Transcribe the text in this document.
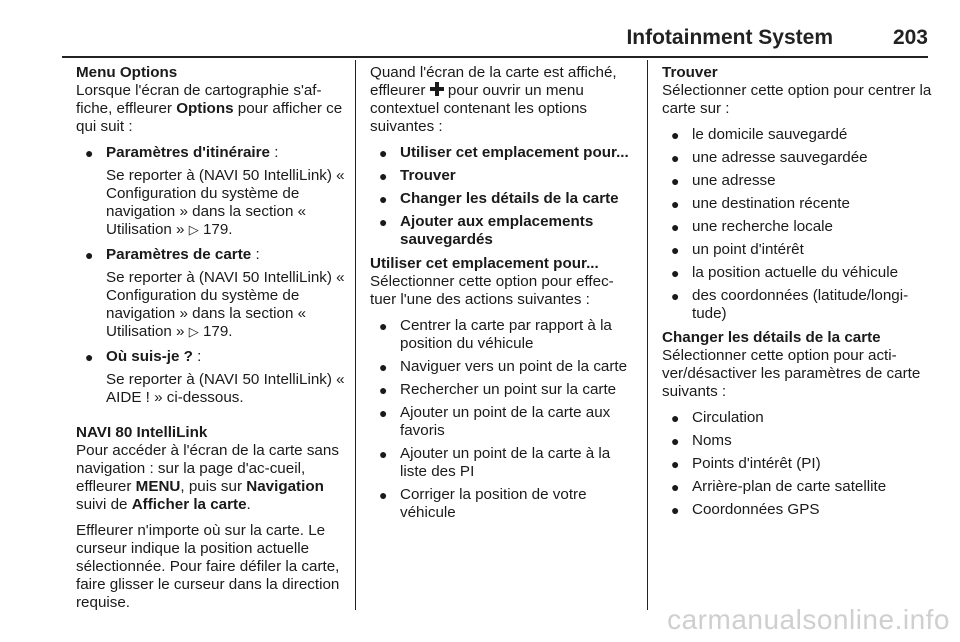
Infotainment System	203

Menu Options

Lorsque l'écran de cartographie s'af-fiche, effleurer Options pour afficher ce qui suit :

● Paramètres d'itinéraire :

Se reporter à (NAVI 50 IntelliLink) « Configuration du système de navigation » dans la section « Utilisation » ▷ 179.

● Paramètres de carte :

Se reporter à (NAVI 50 IntelliLink) « Configuration du système de navigation » dans la section « Utilisation » ▷ 179.

● Où suis-je ? :

Se reporter à (NAVI 50 IntelliLink) « AIDE ! » ci-dessous.

NAVI 80 IntelliLink

Pour accéder à l'écran de la carte sans navigation : sur la page d'ac-cueil, effleurer MENU, puis sur Navigation suivi de Afficher la carte.

Effleurer n'importe où sur la carte. Le curseur indique la position actuelle sélectionnée. Pour faire défiler la carte, faire glisser le curseur dans la direction requise.

Quand l'écran de la carte est affiché, effleurer  pour ouvrir un menu contextuel contenant les options suivantes :

● Utiliser cet emplacement pour...
● Trouver
● Changer les détails de la carte
● Ajouter aux emplacements sauvegardés

Utiliser cet emplacement pour...

Sélectionner cette option pour effec-tuer l'une des actions suivantes :

● Centrer la carte par rapport à la position du véhicule
● Naviguer vers un point de la carte
● Rechercher un point sur la carte
● Ajouter un point de la carte aux favoris
● Ajouter un point de la carte à la liste des PI
● Corriger la position de votre véhicule

Trouver

Sélectionner cette option pour centrer la carte sur :

● le domicile sauvegardé
● une adresse sauvegardée
● une adresse
● une destination récente
● une recherche locale
● un point d'intérêt
● la position actuelle du véhicule
● des coordonnées (latitude/longi-tude)

Changer les détails de la carte

Sélectionner cette option pour acti-ver/désactiver les paramètres de carte suivants :

● Circulation
● Noms
● Points d'intérêt (PI)
● Arrière-plan de carte satellite
● Coordonnées GPS
carmanualsonline.info
